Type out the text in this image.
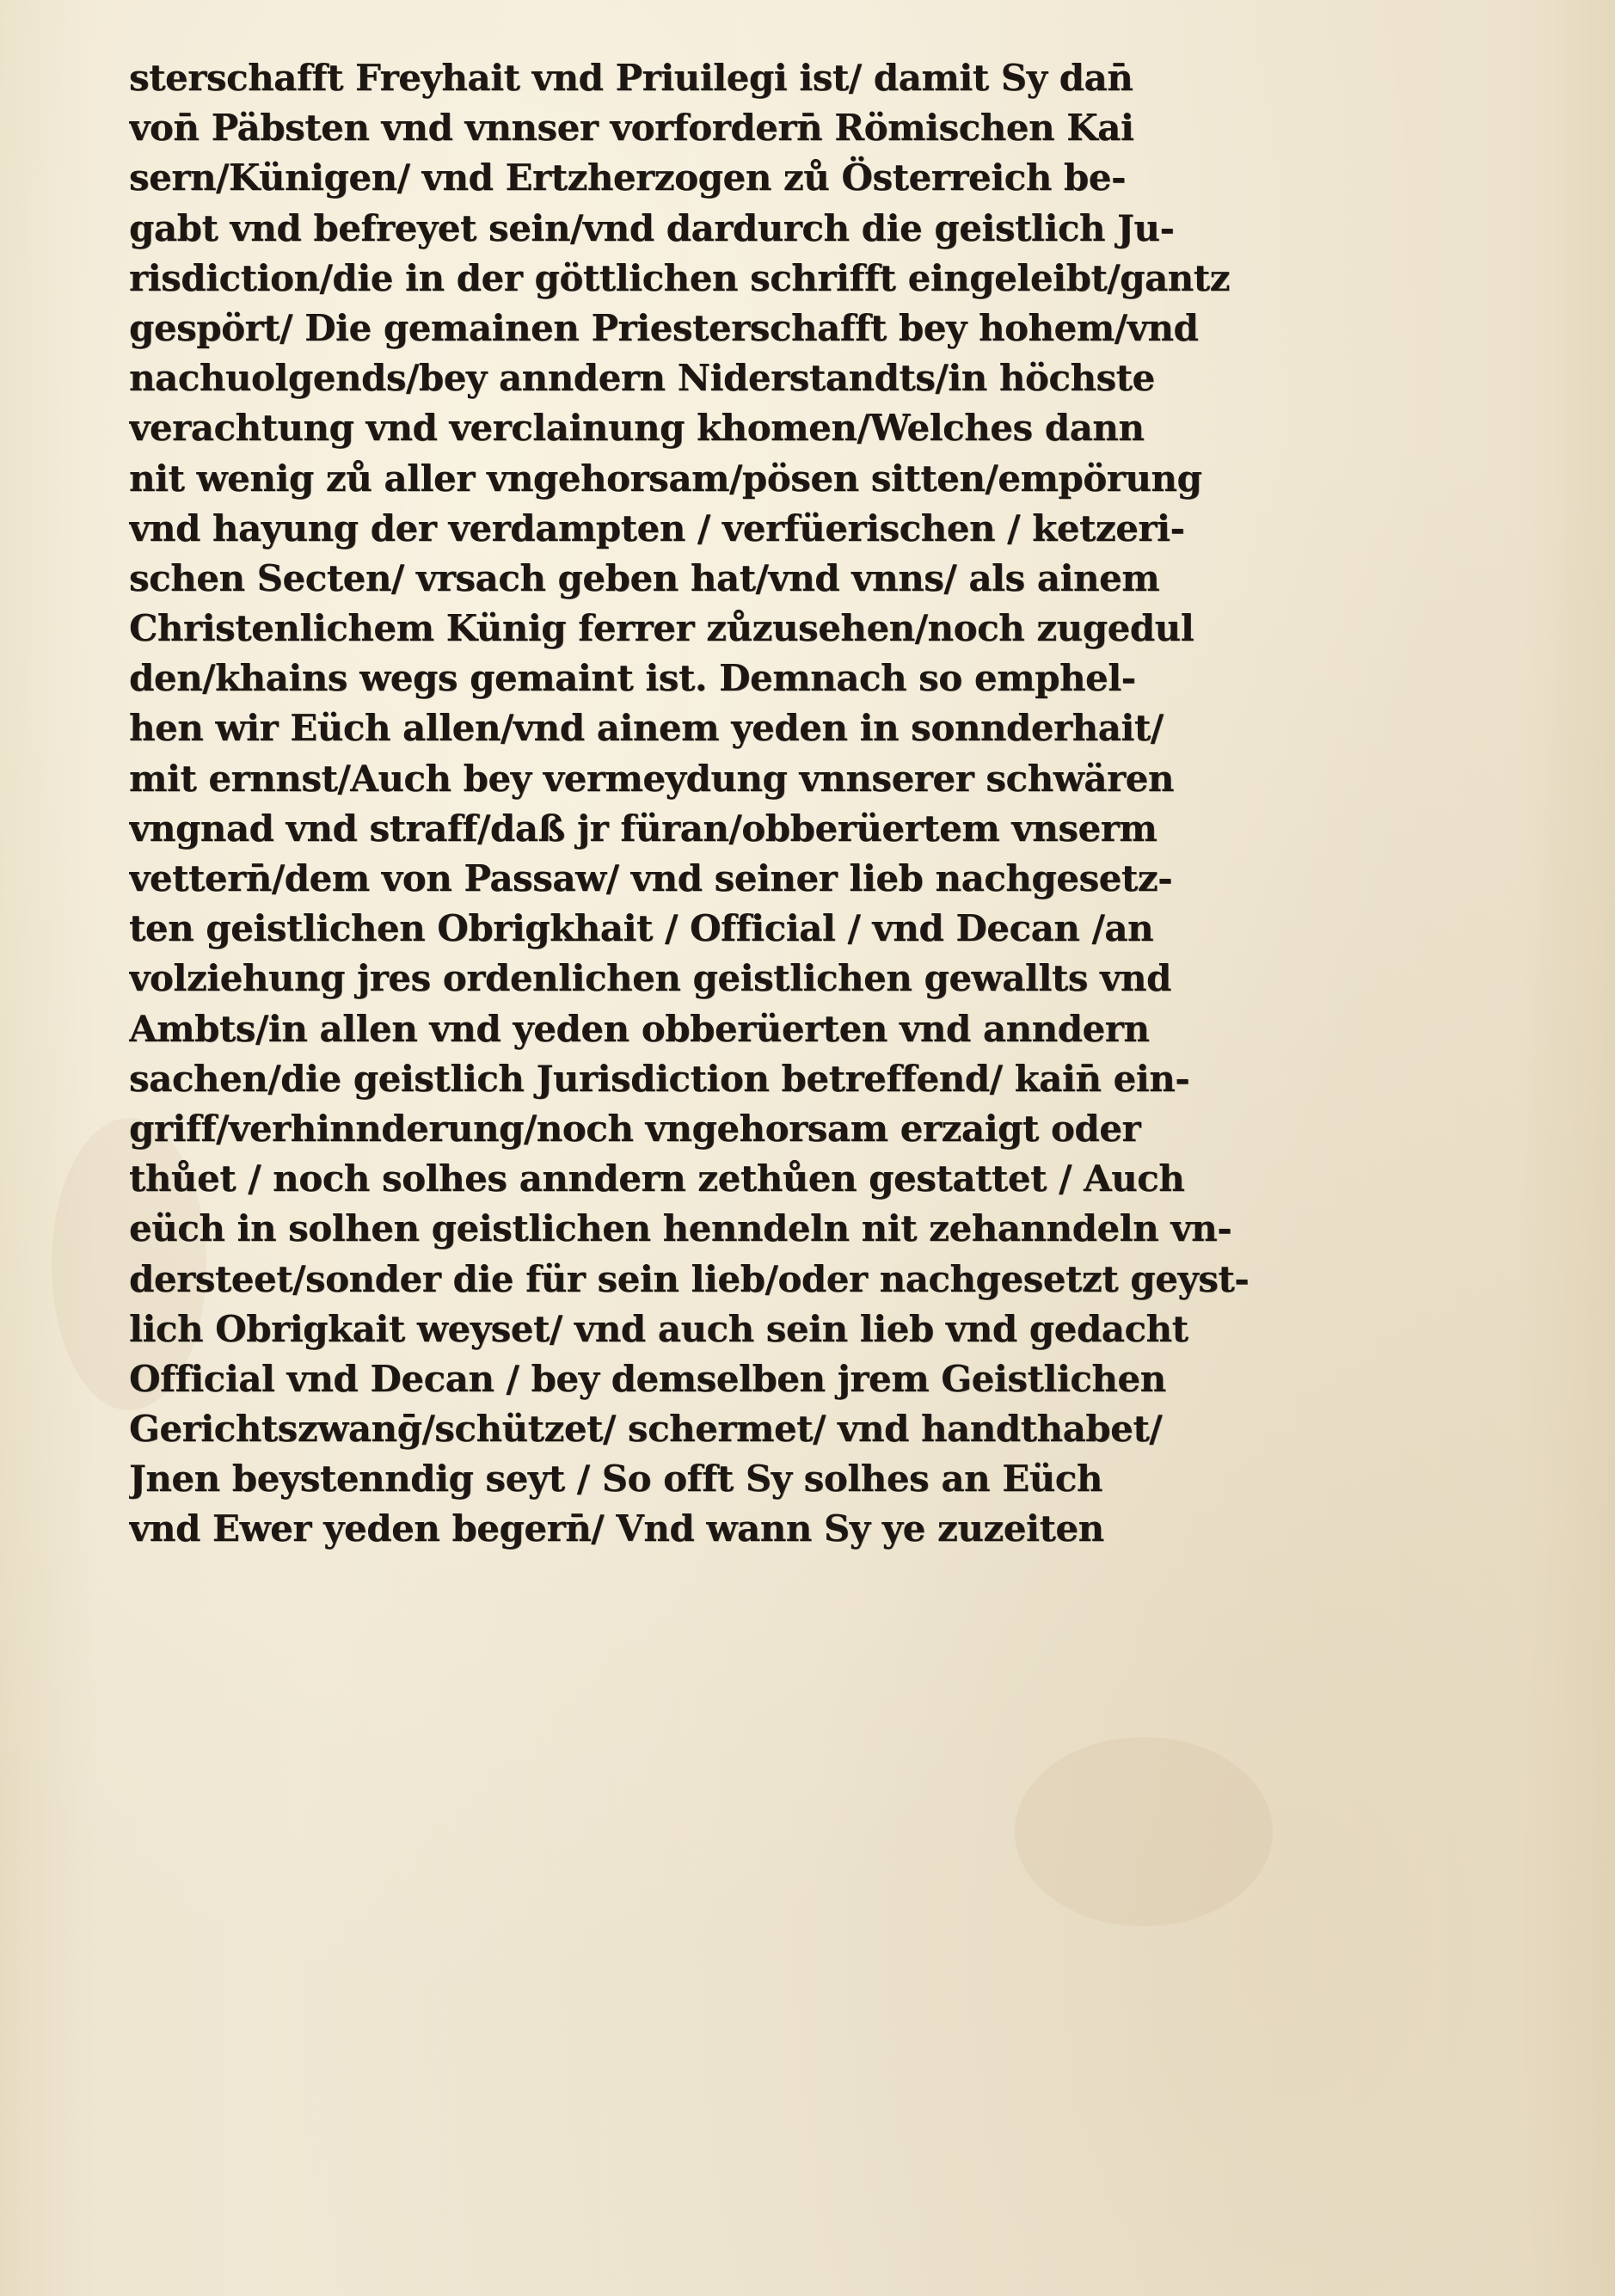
sterschafft Freyhait vnd Priuilegi ist/ damit Sy dan̄
von̄ Päbsten vnd vnnser vorfordern̄ Römischen Kai
sern/Künigen/ vnd Ertzherzogen zů Österreich be-
gabt vnd befreyet sein/vnd dardurch die geistlich Ju-
risdiction/die in der göttlichen schrifft eingeleibt/gantz
gespört/ Die gemainen Priesterschafft bey hohem/vnd
nachuolgends/bey anndern Niderstandts/in höchste
verachtung vnd verclainung khomen/Welches dann
nit wenig zů aller vngehorsam/pösen sitten/empörung
vnd hayung der verdampten / verfüerischen / ketzeri-
schen Secten/ vrsach geben hat/vnd vnns/ als ainem
Christenlichem Künig ferrer zůzusehen/noch zugedul
den/khains wegs gemaint ist. Demnach so emphel-
hen wir Eüch allen/vnd ainem yeden in sonnderhait/
mit ernnst/Auch bey vermeydung vnnserer schwären
vngnad vnd straff/daß jr füran/obberüertem vnserm
vettern̄/dem von Passaw/ vnd seiner lieb nachgesetz-
ten geistlichen Obrigkhait / Official / vnd Decan /an
volziehung jres ordenlichen geistlichen gewallts vnd
Ambts/in allen vnd yeden obberüerten vnd anndern
sachen/die geistlich Jurisdiction betreffend/ kain̄ ein-
griff/verhinnderung/noch vngehorsam erzaigt oder
thůet / noch solhes anndern zethůen gestattet / Auch
eüch in solhen geistlichen henndeln nit zehanndeln vn-
dersteet/sonder die für sein lieb/oder nachgesetzt geyst-
lich Obrigkait weyset/ vnd auch sein lieb vnd gedacht
Official vnd Decan / bey demselben jrem Geistlichen
Gerichtszwanḡ/schützet/ schermet/ vnd handthabet/
Jnen beystenndig seyt / So offt Sy solhes an Eüch
vnd Ewer yeden begern̄/ Vnd wann Sy ye zuzeiten
